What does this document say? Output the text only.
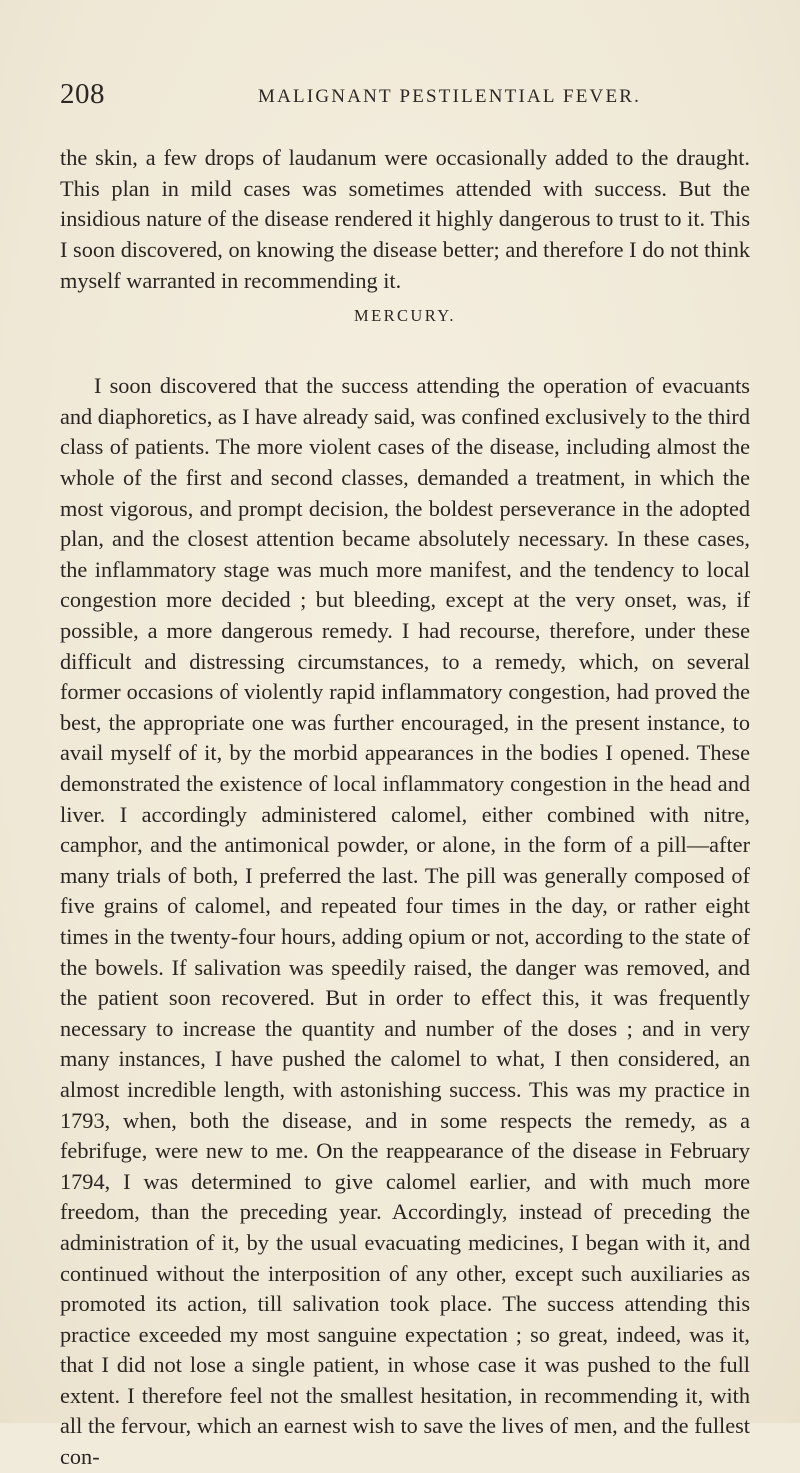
208	MALIGNANT PESTILENTIAL FEVER.

the skin, a few drops of laudanum were occasionally added to the draught. This plan in mild cases was sometimes attended with success. But the insidious nature of the disease rendered it highly dangerous to trust to it. This I soon discovered, on knowing the disease better; and therefore I do not think myself warranted in recommending it.

MERCURY.

I soon discovered that the success attending the operation of evacuants and diaphoretics, as I have already said, was confined exclusively to the third class of patients. The more violent cases of the disease, including almost the whole of the first and second classes, demanded a treatment, in which the most vigorous, and prompt decision, the boldest perseverance in the adopted plan, and the closest attention became absolutely necessary. In these cases, the inflammatory stage was much more manifest, and the tendency to local congestion more decided ; but bleeding, except at the very onset, was, if possible, a more dangerous remedy. I had recourse, therefore, under these difficult and distressing circumstances, to a remedy, which, on several former occasions of violently rapid inflammatory congestion, had proved the best, the appropriate one was further encouraged, in the present instance, to avail myself of it, by the morbid appearances in the bodies I opened. These demonstrated the existence of local inflammatory congestion in the head and liver. I accordingly administered calomel, either combined with nitre, camphor, and the antimonical powder, or alone, in the form of a pill—after many trials of both, I preferred the last. The pill was generally composed of five grains of calomel, and repeated four times in the day, or rather eight times in the twenty-four hours, adding opium or not, according to the state of the bowels. If salivation was speedily raised, the danger was removed, and the patient soon recovered. But in order to effect this, it was frequently necessary to increase the quantity and number of the doses ; and in very many instances, I have pushed the calomel to what, I then considered, an almost incredible length, with astonishing success. This was my practice in 1793, when, both the disease, and in some respects the remedy, as a febrifuge, were new to me. On the reappearance of the disease in February 1794, I was determined to give calomel earlier, and with much more freedom, than the preceding year. Accordingly, instead of preceding the administration of it, by the usual evacuating medicines, I began with it, and continued without the interposition of any other, except such auxiliaries as promoted its action, till salivation took place. The success attending this practice exceeded my most sanguine expectation ; so great, indeed, was it, that I did not lose a single patient, in whose case it was pushed to the full extent. I therefore feel not the smallest hesitation, in recommending it, with all the fervour, which an earnest wish to save the lives of men, and the fullest con-
